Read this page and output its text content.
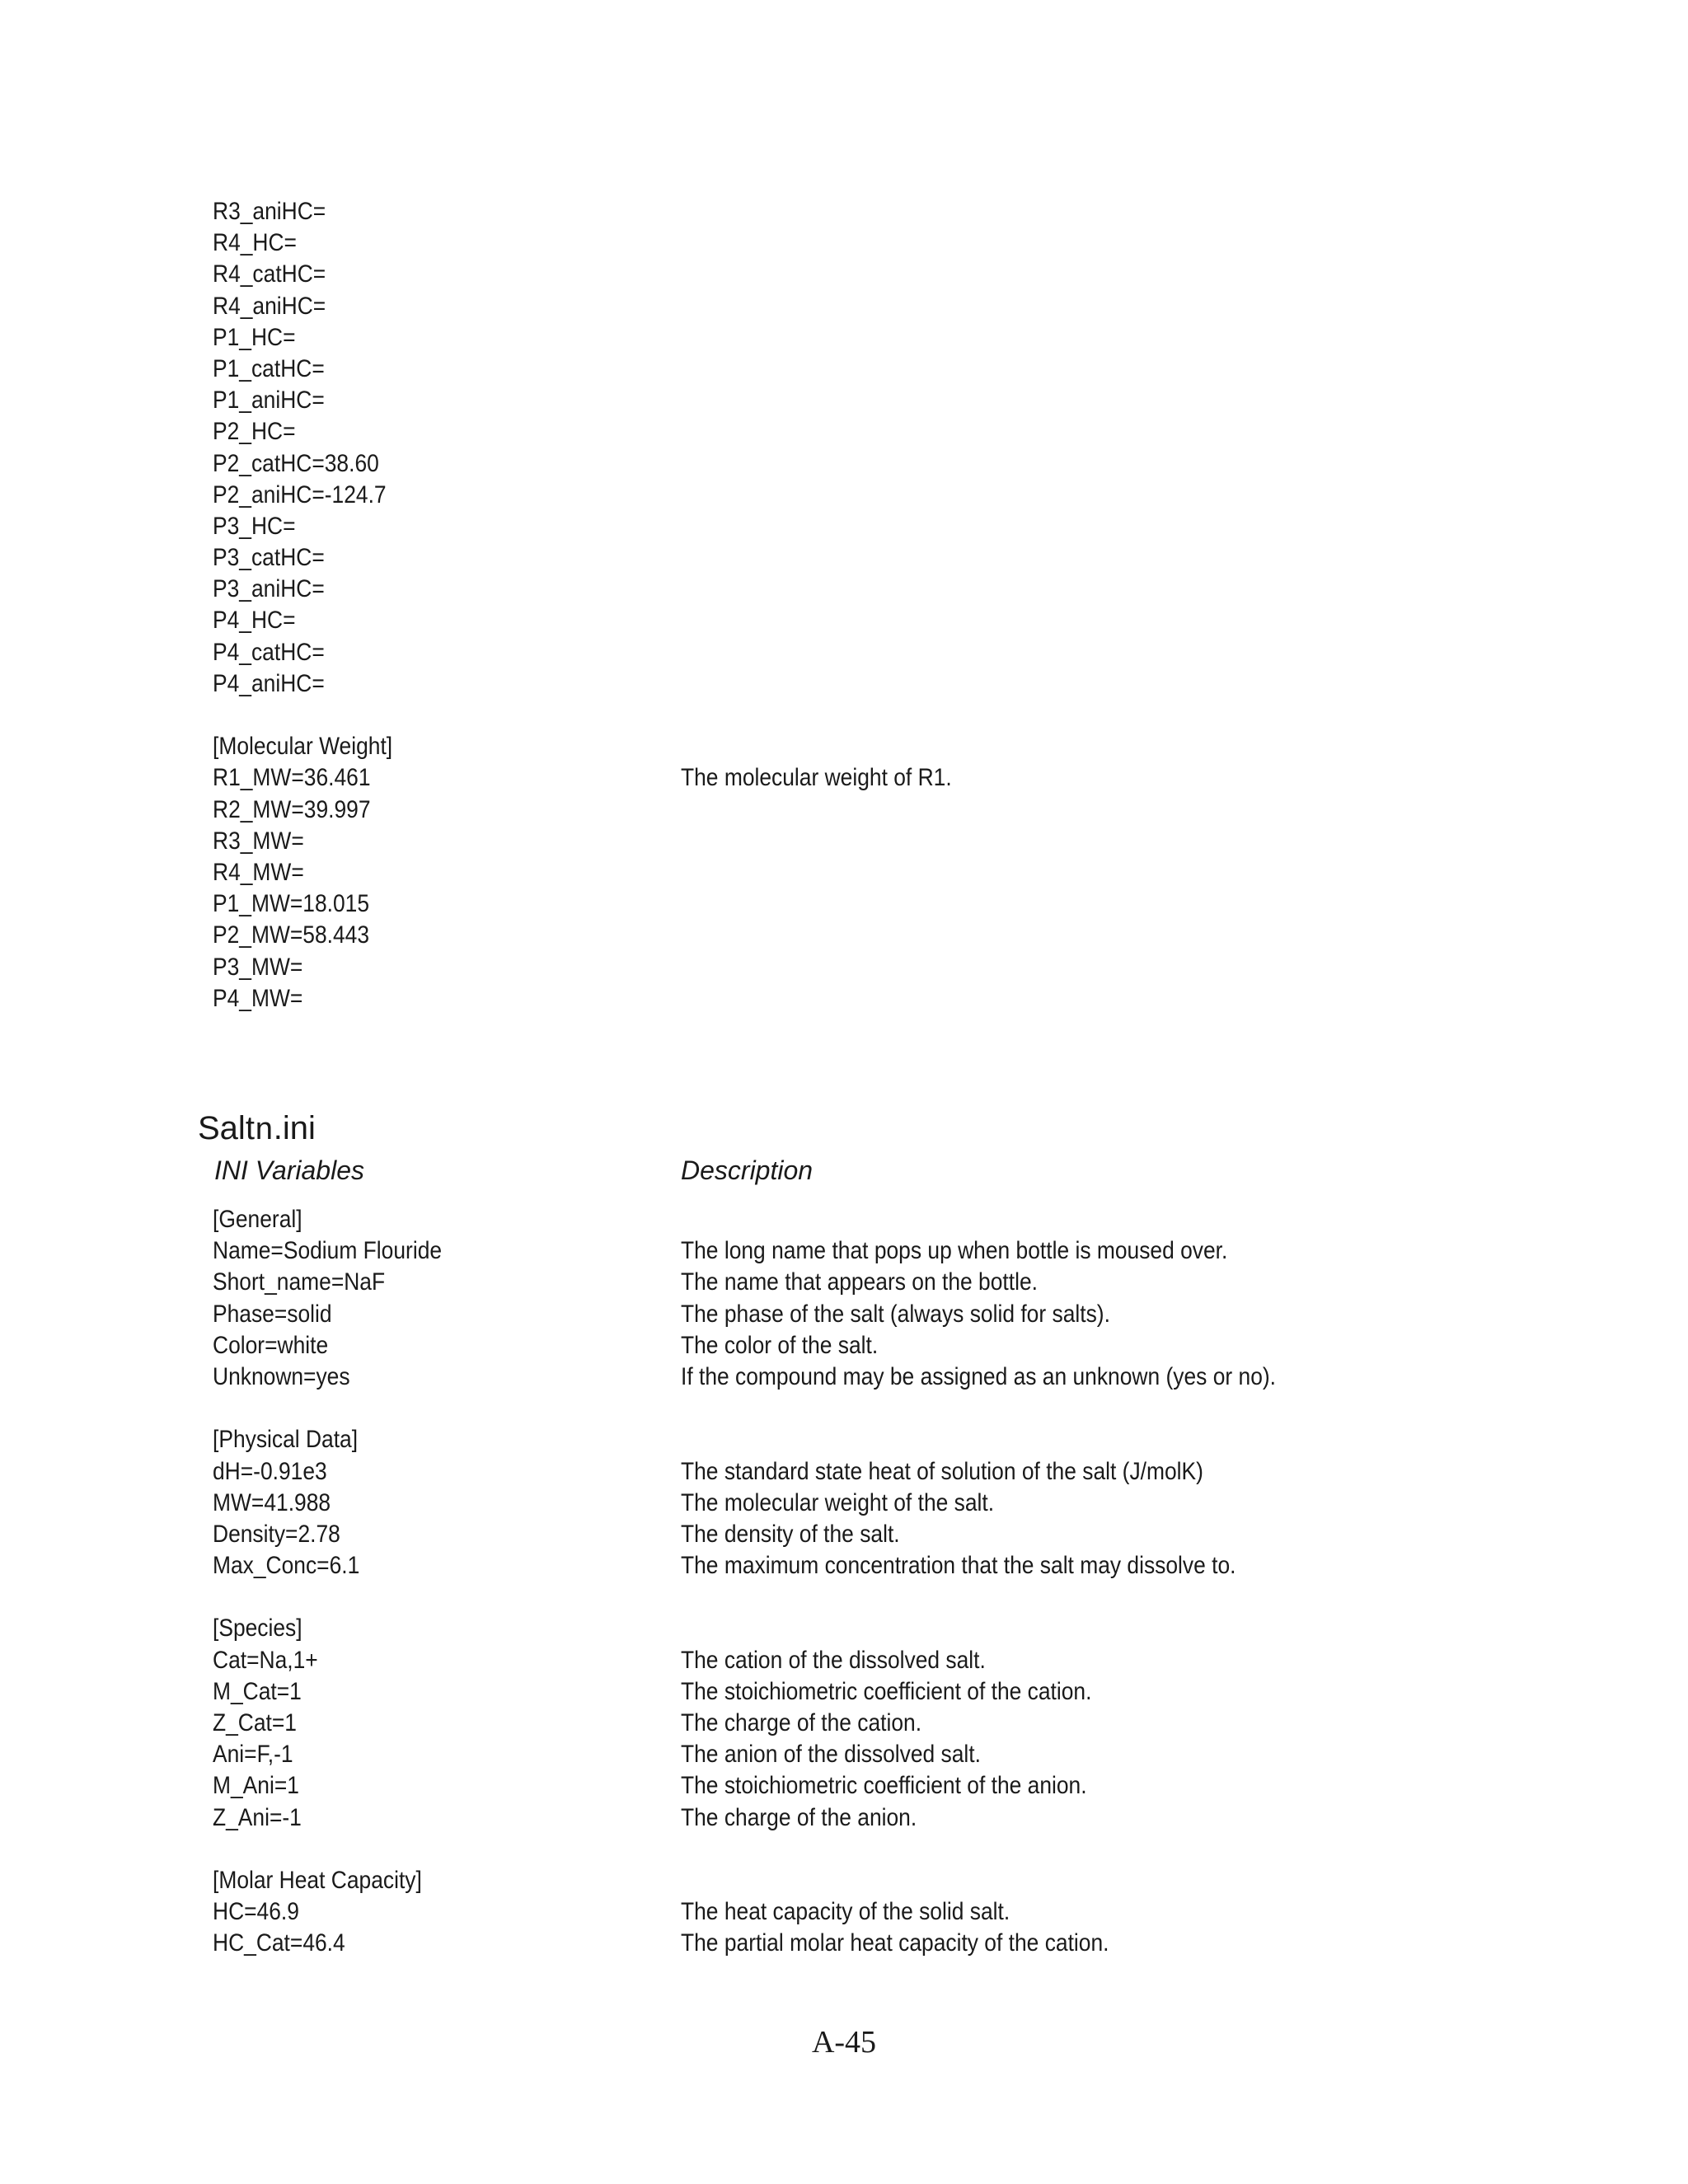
R3_aniHC=
R4_HC=
R4_catHC=
R4_aniHC=
P1_HC=
P1_catHC=
P1_aniHC=
P2_HC=
P2_catHC=38.60
P2_aniHC=-124.7
P3_HC=
P3_catHC=
P3_aniHC=
P4_HC=
P4_catHC=
P4_aniHC=
[Molecular Weight]
R1_MW=36.461	The molecular weight of R1.
R2_MW=39.997
R3_MW=
R4_MW=
P1_MW=18.015
P2_MW=58.443
P3_MW=
P4_MW=
Saltn.ini
INI Variables	Description
[General]
Name=Sodium Flouride	The long name that pops up when bottle is moused over.
Short_name=NaF	The name that appears on the bottle.
Phase=solid	The phase of the salt (always solid for salts).
Color=white	The color of the salt.
Unknown=yes	If the compound may be assigned as an unknown (yes or no).
[Physical Data]
dH=-0.91e3	The standard state heat of solution of the salt (J/molK)
MW=41.988	The molecular weight of the salt.
Density=2.78	The density of the salt.
Max_Conc=6.1	The maximum concentration that the salt may dissolve to.
[Species]
Cat=Na,1+	The cation of the dissolved salt.
M_Cat=1	The stoichiometric coefficient of the cation.
Z_Cat=1	The charge of the cation.
Ani=F,-1	The anion of the dissolved salt.
M_Ani=1	The stoichiometric coefficient of the anion.
Z_Ani=-1	The charge of the anion.
[Molar Heat Capacity]
HC=46.9	The heat capacity of the solid salt.
HC_Cat=46.4	The partial molar heat capacity of the cation.
A-45
